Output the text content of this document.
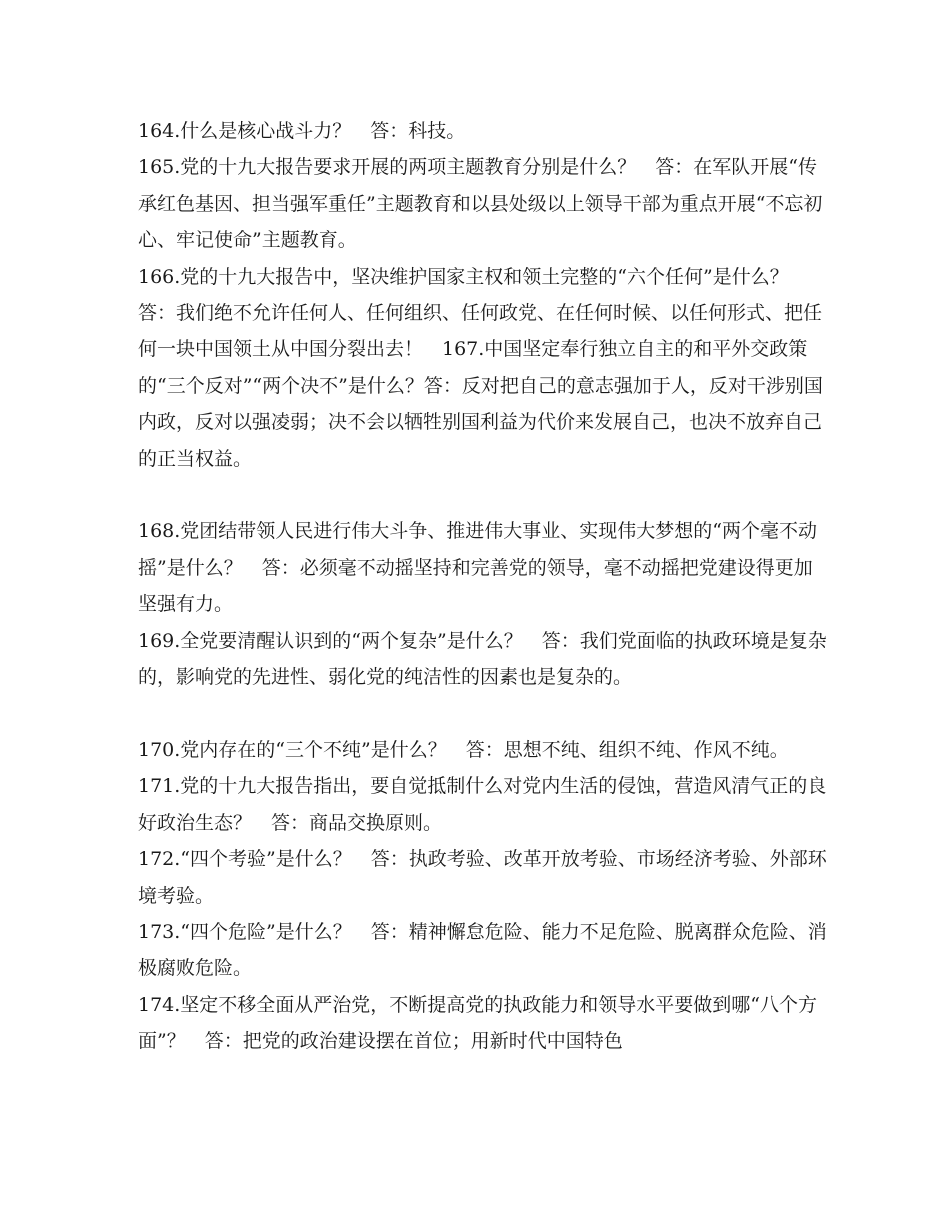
164.什么是核心战斗力？　答：科技。

165.党的十九大报告要求开展的两项主题教育分别是什么？　答：在军队开展“传承红色基因、担当强军重任”主题教育和以县处级以上领导干部为重点开展“不忘初心、牢记使命”主题教育。

166.党的十九大报告中，坚决维护国家主权和领土完整的“六个任何”是什么？　答：我们绝不允许任何人、任何组织、任何政党、在任何时候、以任何形式、把任何一块中国领土从中国分裂出去！　167.中国坚定奉行独立自主的和平外交政策的“三个反对”“两个决不”是什么？答：反对把自己的意志强加于人，反对干涉别国内政，反对以强凌弱；决不会以牺牲别国利益为代价来发展自己，也决不放弃自己的正当权益。

168.党团结带领人民进行伟大斗争、推进伟大事业、实现伟大梦想的“两个毫不动摇”是什么？　答：必须毫不动摇坚持和完善党的领导，毫不动摇把党建设得更加坚强有力。

169.全党要清醒认识到的“两个复杂”是什么？　答：我们党面临的执政环境是复杂的，影响党的先进性、弱化党的纯洁性的因素也是复杂的。

170.党内存在的“三个不纯”是什么？　答：思想不纯、组织不纯、作风不纯。

171.党的十九大报告指出，要自觉抵制什么对党内生活的侵蚀，营造风清气正的良好政治生态？　答：商品交换原则。

172.“四个考验”是什么？　答：执政考验、改革开放考验、市场经济考验、外部环境考验。

173.“四个危险”是什么？　答：精神懈怠危险、能力不足危险、脱离群众危险、消极腐败危险。

174.坚定不移全面从严治党，不断提高党的执政能力和领导水平要做到哪“八个方面”？　答：把党的政治建设摆在首位；用新时代中国特色
